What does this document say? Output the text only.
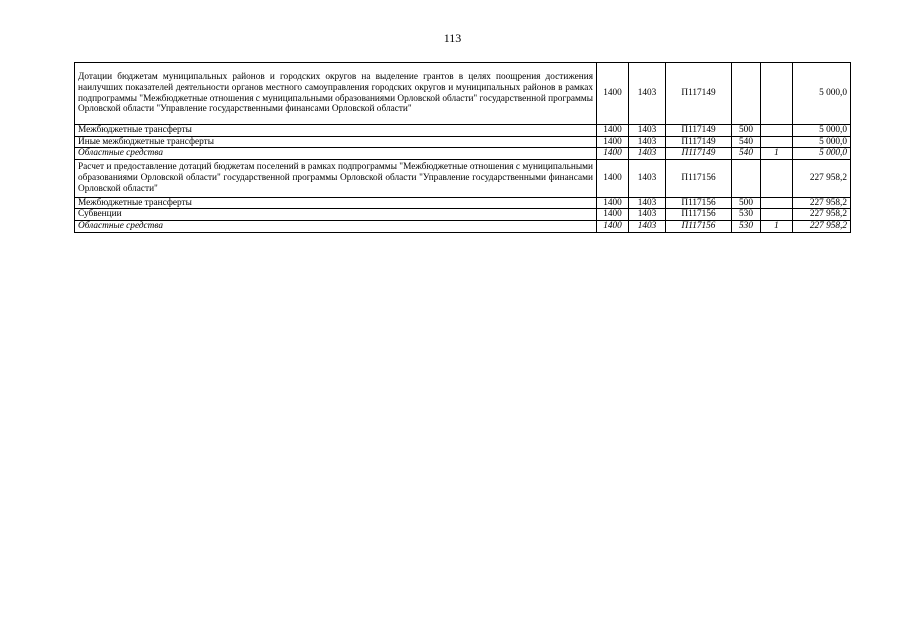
113
Дотации бюджетам муниципальных районов и городских округов на выделение грантов в целях поощрения достижения наилучших показателей деятельности органов местного самоуправления городских округов и муниципальных районов в рамках подпрограммы "Межбюджетные отношения с муниципальными образованиями Орловской области" государственной программы Орловской области "Управление государственными финансами Орловской области"	1400	1403	П117149			5 000,0
Межбюджетные трансферты	1400	1403	П117149	500		5 000,0
Иные межбюджетные трансферты	1400	1403	П117149	540		5 000,0
Областные средства	1400	1403	П117149	540	1	5 000,0
Расчет и предоставление дотаций бюджетам поселений в рамках подпрограммы "Межбюджетные отношения с муниципальными образованиями Орловской области" государственной программы Орловской области "Управление государственными финансами Орловской области"	1400	1403	П117156			227 958,2
Межбюджетные трансферты	1400	1403	П117156	500		227 958,2
Субвенции	1400	1403	П117156	530		227 958,2
Областные средства	1400	1403	П117156	530	1	227 958,2
